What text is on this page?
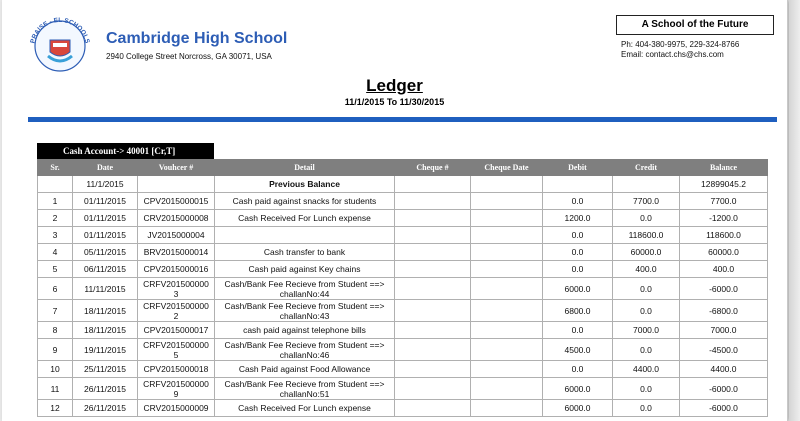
PRAISE - EL SCHOOLS Cambridge High School
2940 College Street Norcross, GA 30071, USA
A School of the Future
Ph: 404-380-9975, 229-324-8766
Email: contact.chs@chs.com
Ledger
11/1/2015 To 11/30/2015
Cash Account-> 40001 [Cr,T]
Sr.	Date	Vouhcer #	Detail	Cheque #	Cheque Date	Debit	Credit	Balance
	11/1/2015		Previous Balance					12899045.2
1	01/11/2015	CPV2015000015	Cash paid against snacks for students			0.0	7700.0	7700.0
2	01/11/2015	CRV2015000008	Cash Received For Lunch expense			1200.0	0.0	-1200.0
3	01/11/2015	JV2015000004				0.0	118600.0	118600.0
4	05/11/2015	BRV2015000014	Cash transfer to bank			0.0	60000.0	60000.0
5	06/11/2015	CPV2015000016	Cash paid against Key chains			0.0	400.0	400.0
6	11/11/2015	CRFV201500000 3	Cash/Bank Fee Recieve from Student ==> challanNo:44			6000.0	0.0	-6000.0
7	18/11/2015	CRFV201500000 2	Cash/Bank Fee Recieve from Student ==> challanNo:43			6800.0	0.0	-6800.0
8	18/11/2015	CPV2015000017	cash paid against telephone bills			0.0	7000.0	7000.0
9	19/11/2015	CRFV201500000 5	Cash/Bank Fee Recieve from Student ==> challanNo:46			4500.0	0.0	-4500.0
10	25/11/2015	CPV2015000018	Cash Paid against Food Allowance			0.0	4400.0	4400.0
11	26/11/2015	CRFV201500000 9	Cash/Bank Fee Recieve from Student ==> challanNo:51			6000.0	0.0	-6000.0
12	26/11/2015	CRV2015000009	Cash Received For Lunch expense			6000.0	0.0	-6000.0
